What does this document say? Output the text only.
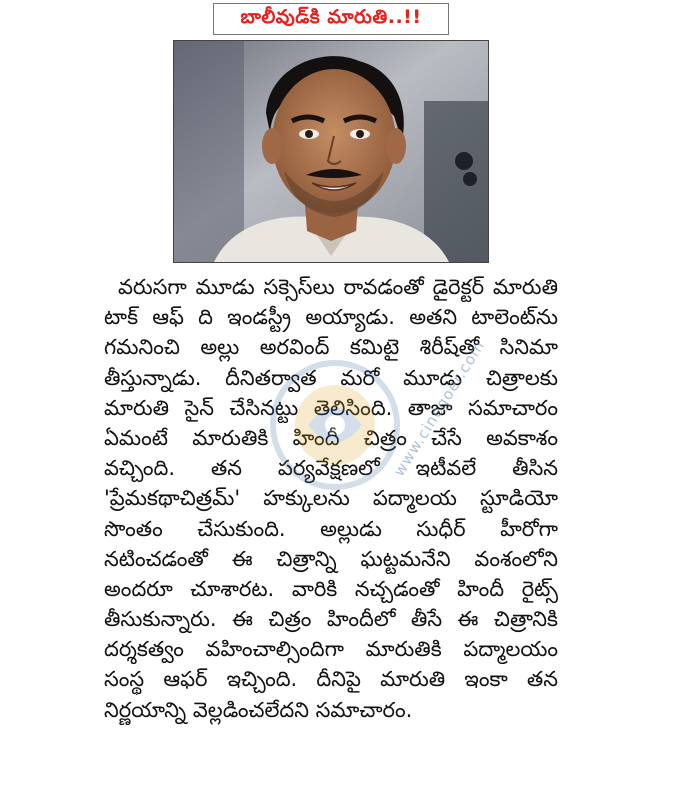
బాలీవుడ్‌కి మారుతి..!!
వరుసగా మూడు సక్సెస్‌లు రావడంతో డైరెక్టర్ మారుతి
టాక్ ఆఫ్ ది ఇండస్ట్రీ అయ్యాడు. అతని టాలెంట్‌ను
గమనించి అల్లు అరవింద్ కమిటై శిరీష్‌తో సినిమా
తీస్తున్నాడు. దీనితర్వాత మరో మూడు చిత్రాలకు
మారుతి సైన్ చేసినట్టు తెలిసింది. తాజా సమాచారం
ఏమంటే మారుతికి హిందీ చిత్రం చేసే అవకాశం
వచ్చింది. తన పర్యవేక్షణలో ఇటీవలే తీసిన
'ప్రేమకథాచిత్రమ్' హక్కులను పద్మాలయ స్టూడియో
సొంతం చేసుకుంది. అల్లుడు సుధీర్ హీరోగా
నటించడంతో ఈ చిత్రాన్ని ఘట్టమనేని వంశంలోని
అందరూ చూశారట. వారికి నచ్చడంతో హిందీ రైట్స్
తీసుకున్నారు. ఈ చిత్రం హిందీలో తీసే ఈ చిత్రానికి
దర్శకత్వం వహించాల్సిందిగా మారుతికి పద్మాలయం
సంస్థ ఆఫర్ ఇచ్చింది. దీనిపై మారుతి ఇంకా తన
నిర్ణయాన్ని వెల్లడించలేదని సమాచారం.
www.cinegoer.com
